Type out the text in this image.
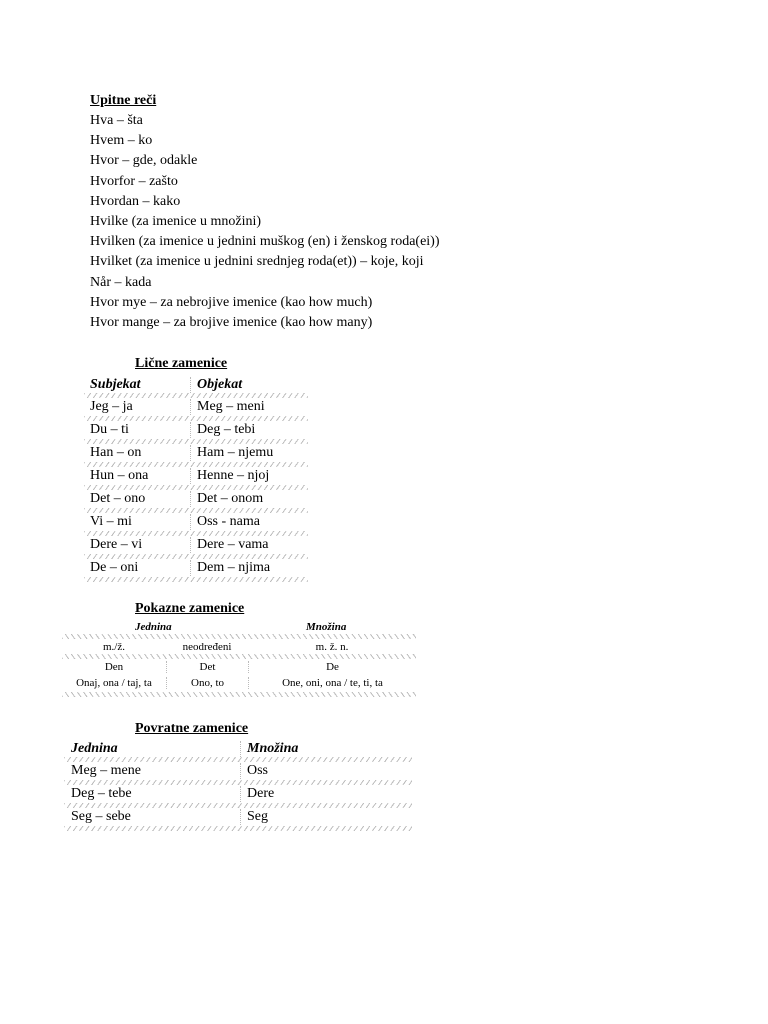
Upitne reči
Hva – šta
Hvem – ko
Hvor – gde, odakle
Hvorfor – zašto
Hvordan – kako
Hvilke (za imenice u množini)
Hvilken (za imenice u jednini muškog (en) i ženskog roda(ei))
Hvilket (za imenice u jednini srednjeg roda(et)) – koje, koji
Når – kada
Hvor mye – za nebrojive imenice (kao how much)
Hvor mange – za brojive imenice (kao how many)
Lične zamenice
Subjekat	Objekat
Jeg – ja	Meg – meni
Du – ti	Deg – tebi
Han – on	Ham – njemu
Hun – ona	Henne – njoj
Det – ono	Det – onom
Vi – mi	Oss - nama
Dere – vi	Dere – vama
De – oni	Dem – njima
Pokazne zamenice
Jednina	Množina
m./ž.	neodređeni	m. ž. n.
Den	Det	De
Onaj, ona / taj, ta	Ono, to	One, oni, ona / te, ti, ta
Povratne zamenice
Jednina	Množina
Meg – mene	Oss
Deg – tebe	Dere
Seg – sebe	Seg
